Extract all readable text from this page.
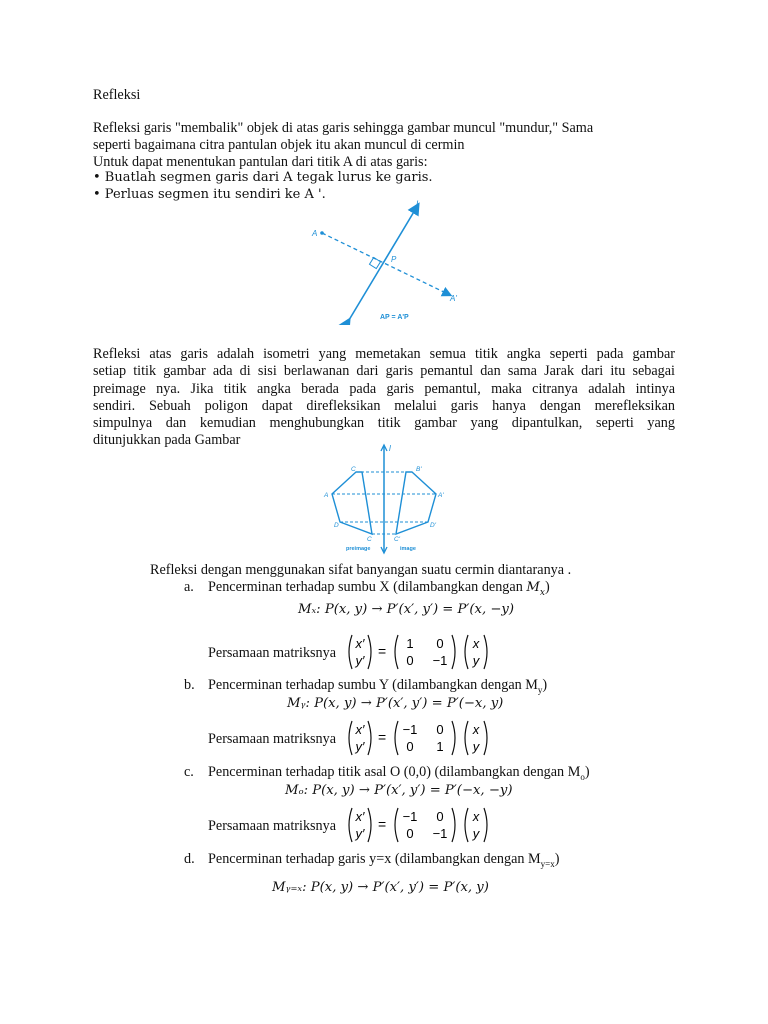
Refleksi
Refleksi garis "membalik" objek di atas garis sehingga gambar muncul "mundur," Sama
seperti bagaimana citra pantulan objek itu akan muncul di cermin
Untuk dapat menentukan pantulan dari titik A di atas garis:
• Buatlah segmen garis dari A tegak lurus ke garis.
• Perluas segmen itu sendiri ke A '.
l
A
P
A'
AP = A'P
Refleksi atas garis adalah isometri yang memetakan semua titik angka seperti pada gambar
setiap titik gambar ada di sisi berlawanan dari garis pemantul dan sama Jarak dari itu sebagai
preimage nya. Jika titik angka berada pada garis pemantul, maka citranya adalah intinya
sendiri. Sebuah poligon dapat direfleksikan melalui garis hanya dengan merefleksikan
simpulnya dan kemudian menghubungkan titik gambar yang dipantulkan, seperti yang
ditunjukkan pada Gambar
B'
l
C
A	A'
D	D'
C	C'
preimage	image
Refleksi dengan menggunakan sifat banyangan suatu cermin diantaranya .
a. Pencerminan terhadap sumbu X (dilambangkan dengan $M_x$)
Mₓ: P(x, y) → P′(x′, y′) = P′(x, −y)
Persamaan matriksnya
x′
y′
= 1 0
0 −1
x
y
b. Pencerminan terhadap sumbu Y (dilambangkan dengan $M_y$)
Mᵧ: P(x, y) → P′(x′, y′) = P′(−x, y)
Persamaan matriksnya
x′
y′
= −1 0
0 1
x
y
c. Pencerminan terhadap titik asal O (0,0) (dilambangkan dengan $M_o$)
Mₒ: P(x, y) → P′(x′, y′) = P′(−x, −y)
Persamaan matriksnya
x′
y′
= −1 0
0 −1
x
y
d. Pencerminan terhadap garis y=x (dilambangkan dengan $M_{y=x}$)
Mᵧ₌ₓ: P(x, y) → P′(x′, y′) = P′(x, y)
